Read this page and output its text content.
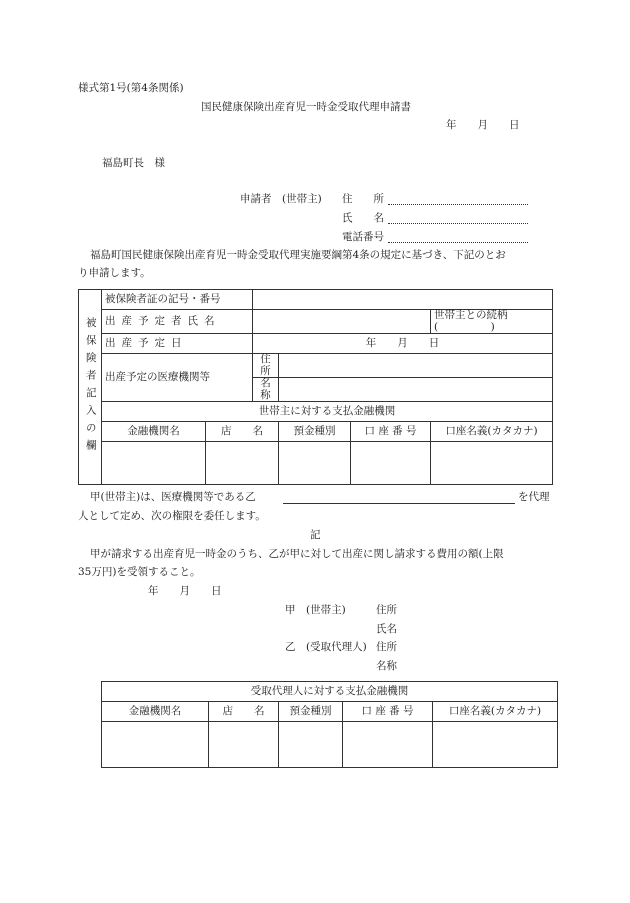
様式第1号(第4条関係)
国民健康保険出産育児一時金受取代理申請書
年　　月　　日
福島町長　様
申請者　(世帯主) 住　　所
氏　　名
電話番号
福島町国民健康保険出産育児一時金受取代理実施要綱第4条の規定に基づき、下記のとお
り申請します。
被保険者記入の欄	被保険者証の記号・番号					
	出産予定者氏名					世帯主との続柄(　　　　　)
	出産予定日		年　　月　　日			
	出産予定の医療機関等		住　所			
			名　称			
	世帯主に対する支払金融機関					
	金融機関名	店　　名		預金種別	口 座 番 号	口座名義(カタカナ)

甲(世帯主)は、医療機関等である乙	を代理
人として定め、次の権限を委任します。
記
甲が請求する出産育児一時金のうち、乙が甲に対して出産に関し請求する費用の額(上限
35万円)を受領すること。
年　　月　　日
甲　(世帯主)	住所
氏名
乙　(受取代理人) 住所
名称
受取代理人に対する支払金融機関				
金融機関名	店　　名	預金種別	口 座 番 号	口座名義(カタカナ)
